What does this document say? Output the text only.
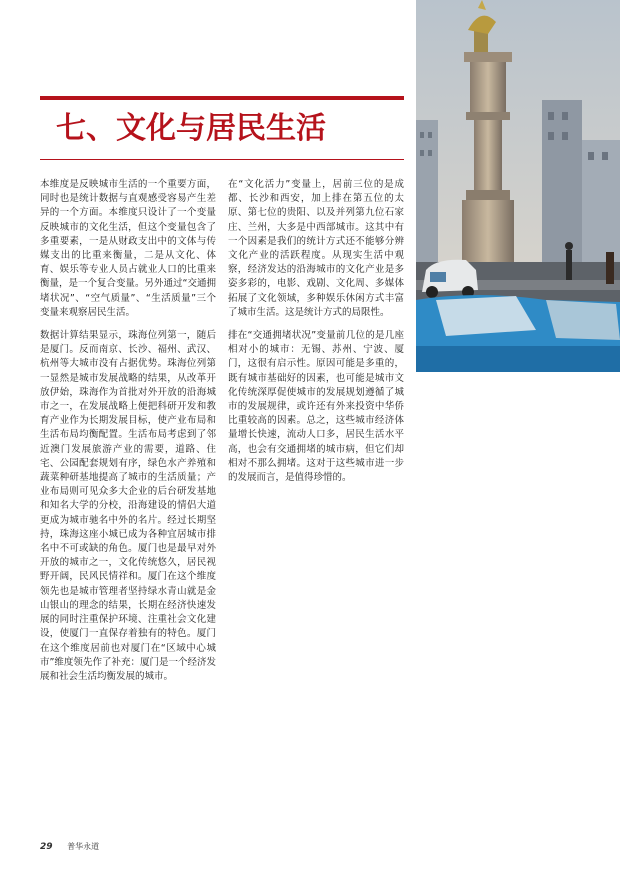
七、文化与居民生活

本维度是反映城市生活的一个重要方面，同时也是统计数据与直观感受容易产生差异的一个方面。本维度只设计了一个变量反映城市的文化生活，但这个变量包含了多重要素，一是从财政支出中的文体与传媒支出的比重来衡量，二是从文化、体育、娱乐等专业人员占就业人口的比重来衡量，是一个复合变量。另外通过“交通拥堵状况”、“空气质量”、“生活质量”三个变量来观察居民生活。

数据计算结果显示，珠海位列第一，随后是厦门。反而南京、长沙、福州、武汉、杭州等大城市没有占据优势。珠海位列第一显然是城市发展战略的结果，从改革开放伊始，珠海作为首批对外开放的沿海城市之一，在发展战略上便把科研开发和教育产业作为长期发展目标，使产业布局和生活布局均衡配置。生活布局考虑到了邻近澳门发展旅游产业的需要，道路、住宅、公园配套规划有序，绿色水产养殖和蔬菜种研基地提高了城市的生活质量；产业布局则可见众多大企业的后台研发基地和知名大学的分校，沿海建设的情侣大道更成为城市驰名中外的名片。经过长期坚持，珠海这座小城已成为各种宜居城市排名中不可或缺的角色。厦门也是最早对外开放的城市之一，文化传统悠久，居民视野开阔，民风民情祥和。厦门在这个维度领先也是城市管理者坚持绿水青山就是金山银山的理念的结果，长期在经济快速发展的同时注重保护环境、注重社会文化建设，使厦门一直保存着独有的特色。厦门在这个维度居前也对厦门在“区域中心城市”维度领先作了补充：厦门是一个经济发展和社会生活均衡发展的城市。

在“文化活力”变量上，居前三位的是成都、长沙和西安，加上排在第五位的太原、第七位的贵阳、以及并列第九位石家庄、兰州，大多是中西部城市。这其中有一个因素是我们的统计方式还不能够分辨文化产业的活跃程度。从现实生活中观察，经济发达的沿海城市的文化产业是多姿多彩的，电影、戏剧、文化周、多媒体拓展了文化领域，多种娱乐休闲方式丰富了城市生活。这是统计方式的局限性。

排在“交通拥堵状况”变量前几位的是几座相对小的城市：无锡、苏州、宁波、厦门，这很有启示性。原因可能是多重的，既有城市基础好的因素，也可能是城市文化传统深厚促使城市的发展规划遵循了城市的发展规律，或许还有外来投资中华侨比重较高的因素。总之，这些城市经济体量增长快速，流动人口多，居民生活水平高，也会有交通拥堵的城市病，但它们却相对不那么拥堵。这对于这些城市进一步的发展而言，是值得珍惜的。

29 普华永道
